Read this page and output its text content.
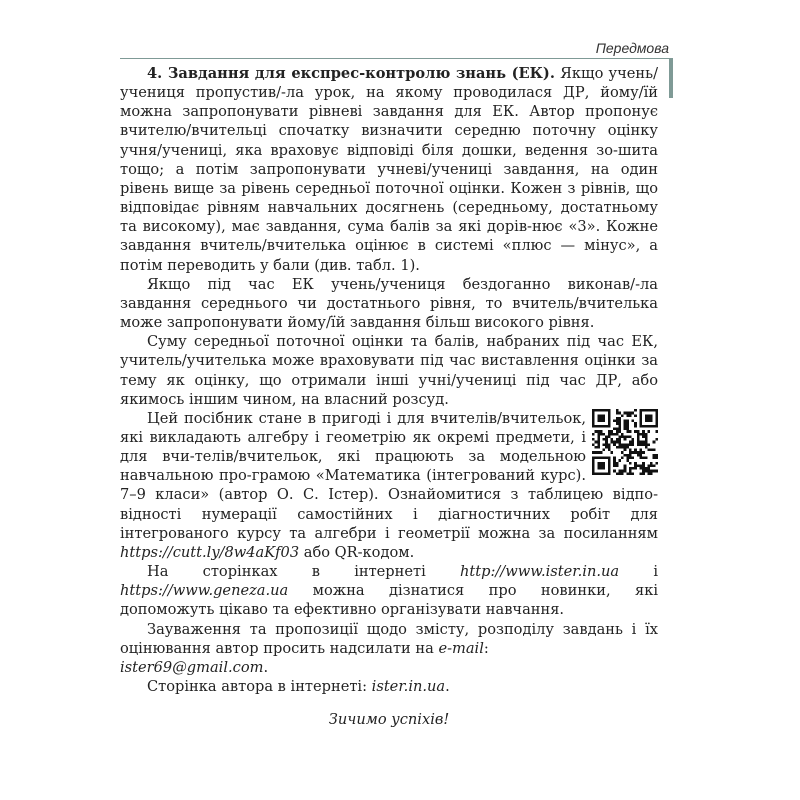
Передмова

4. Завдання для експрес-контролю знань (ЕК). Якщо учень/учениця пропустив/-ла урок, на якому проводилася ДР, йому/їй можна запропонувати рівневі завдання для ЕК. Автор пропонує вчителю/вчительці спочатку визначити середню поточну оцінку учня/учениці, яка враховує відповіді біля дошки, ведення зо-шита тощо; а потім запропонувати учневі/учениці завдання, на один рівень вище за рівень середньої поточної оцінки. Кожен з рівнів, що відповідає рівням навчальних досягнень (середньому, достатньому та високому), має завдання, сума балів за які дорів-нює «3». Кожне завдання вчитель/вчителька оцінює в системі «плюс — мінус», а потім переводить у бали (див. табл. 1).

Якщо під час ЕК учень/учениця бездоганно виконав/-ла завдання середнього чи достатнього рівня, то вчитель/вчителька може запропонувати йому/їй завдання більш високого рівня.

Суму середньої поточної оцінки та балів, набраних під час ЕК, учитель/учителька може враховувати під час виставлення оцінки за тему як оцінку, що отримали інші учні/учениці під час ДР, або якимось іншим чином, на власний розсуд.

Цей посібник стане в пригоді і для вчителів/вчительок, які викладають алгебру і геометрію як окремі предмети, і для вчи-телів/вчительок, які працюють за модельною навчальною про-грамою «Математика (інтегрований курс). 7–9 класи» (автор О. С. Істер). Ознайомитися з таблицею відпо-відності нумерації самостійних і діагностичних робіт для інтегрованого курсу та алгебри і геометрії можна за посиланням https://cutt.ly/8w4aKf03 або QR-кодом.

На сторінках в інтернеті http://www.ister.in.ua і https://www.geneza.ua можна дізнатися про новинки, які допоможуть цікаво та ефективно організувати навчання.

Зауваження та пропозиції щодо змісту, розподілу завдань і їх оцінювання автор просить надсилати на e-mail:
ister69@gmail.com.

Сторінка автора в інтернеті: ister.in.ua.

Зичимо успіхів!
